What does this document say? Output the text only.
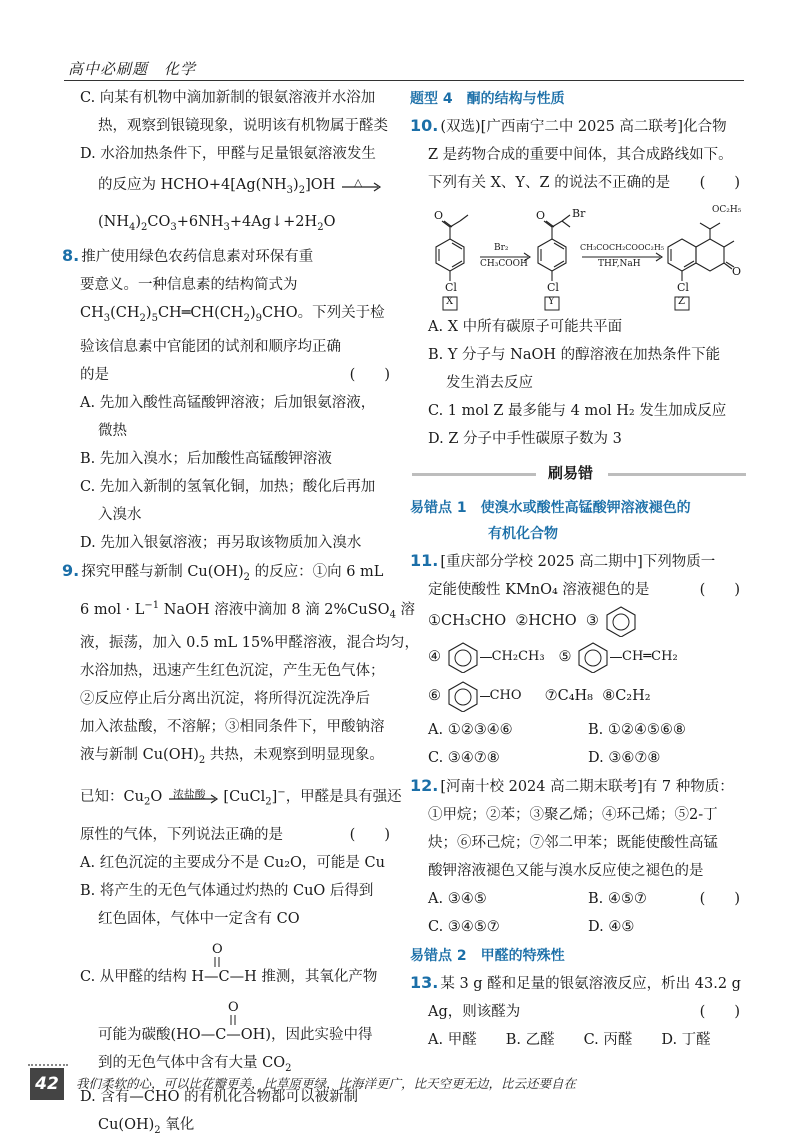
高中必刷题　化学
C. 向某有机物中滴加新制的银氨溶液并水浴加
热，观察到银镜现象，说明该有机物属于醛类
D. 水浴加热条件下，甲醛与足量银氨溶液发生
的反应为 $HCHO+4[Ag(NH_3)_2]OH$ △
$(NH_4)_2CO_3+6NH_3+4Ag↓+2H_2O$
8. 推广使用绿色农药信息素对环保有重
要意义。一种信息素的结构简式为
$CH_3(CH_2)_5CH═CH(CH_2)_9CHO$。下列关于检
验该信息素中官能团的试剂和顺序均正确
的是	(　　)
A. 先加入酸性高锰酸钾溶液；后加银氨溶液，
微热
B. 先加入溴水；后加酸性高锰酸钾溶液
C. 先加入新制的氢氧化铜，加热；酸化后再加
入溴水
D. 先加入银氨溶液；再另取该物质加入溴水
9. 探究甲醛与新制 $Cu(OH)_2$ 的反应：①向 6 mL
6 mol · $L^{-1}$ NaOH 溶液中滴加 8 滴 2%CuSO$_4$ 溶
液，振荡，加入 0.5 mL 15%甲醛溶液，混合均匀，
水浴加热，迅速产生红色沉淀，产生无色气体；
②反应停止后分离出沉淀，将所得沉淀洗净后
加入浓盐酸，不溶解；③相同条件下，甲酸钠溶
液与新制 $Cu(OH)_2$ 共热，未观察到明显现象。
已知：$Cu_2O$ 浓盐酸 [CuCl$_2$]−，甲醛是具有强还
原性的气体，下列说法正确的是	(　　)
A. 红色沉淀的主要成分不是 Cu₂O，可能是 Cu
B. 将产生的无色气体通过灼热的 CuO 后得到
红色固体，气体中一定含有 CO
O
C. 从甲醛的结构 H—C—H 推测，其氧化产物
O
可能为碳酸(HO—C—OH)，因此实验中得
到的无色气体中含有大量 $CO_2$
D. 含有—CHO 的有机化合物都可以被新制
$Cu(OH)_2$ 氧化
题型 4 酮的结构与性质
10. (双选)[广西南宁二中 2025 高二联考]化合物
Z 是药物合成的重要中间体，其合成路线如下。
下列有关 X、Y、Z 的说法不正确的是 (　　)
O	O Br
O
OC₂H₅
Cl	Cl	Cl
Br₂
CH₃COOH
CH₃COCH₂COOC₂H₅
THF,NaH
X	Y	Z
A. X 中所有碳原子可能共平面
B. Y 分子与 NaOH 的醇溶液在加热条件下能
发生消去反应
C. 1 mol Z 最多能与 4 mol H₂ 发生加成反应
D. Z 分子中手性碳原子数为 3
刷易错
易错点 1 使溴水或酸性高锰酸钾溶液褪色的
有机化合物
11. [重庆部分学校 2025 高二期中]下列物质一
定能使酸性 KMnO₄ 溶液褪色的是	(　　)
①CH₃CHO ②HCHO ③
④	CH₂CH₃ ⑤	CH═CH₂
⑥	CHO ⑦C₄H₈ ⑧C₂H₂
A. ①②③④⑥	B. ①②④⑤⑥⑧
C. ③④⑦⑧	D. ③⑥⑦⑧
12. [河南十校 2024 高二期末联考]有 7 种物质：
①甲烷；②苯；③聚乙烯；④环己烯；⑤2-丁
炔；⑥环己烷；⑦邻二甲苯；既能使酸性高锰
酸钾溶液褪色又能与溴水反应使之褪色的是
(　　)
A. ③④⑤	B. ④⑤⑦
C. ③④⑤⑦	D. ④⑤
易错点 2 甲醛的特殊性
13. 某 3 g 醛和足量的银氨溶液反应，析出 43.2 g
Ag，则该醛为	(　　)
A. 甲醛　　B. 乙醛　　C. 丙醛　　D. 丁醛
42	我们柔软的心，可以比花瓣更美，比草原更绿，比海洋更广，比天空更无边，比云还要自在
